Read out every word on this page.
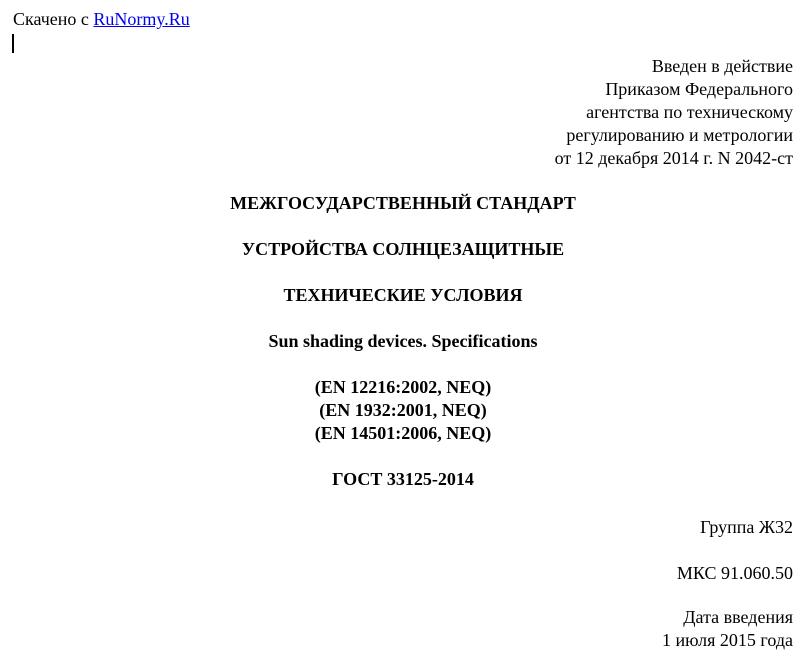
Скачено с RuNormy.Ru
Введен в действие
Приказом Федерального
агентства по техническому
регулированию и метрологии
от 12 декабря 2014 г. N 2042-ст
МЕЖГОСУДАРСТВЕННЫЙ СТАНДАРТ
УСТРОЙСТВА СОЛНЦЕЗАЩИТНЫЕ
ТЕХНИЧЕСКИЕ УСЛОВИЯ
Sun shading devices. Specifications
(EN 12216:2002, NEQ)
(EN 1932:2001, NEQ)
(EN 14501:2006, NEQ)
ГОСТ 33125-2014
Группа Ж32
МКС 91.060.50
Дата введения
1 июля 2015 года
